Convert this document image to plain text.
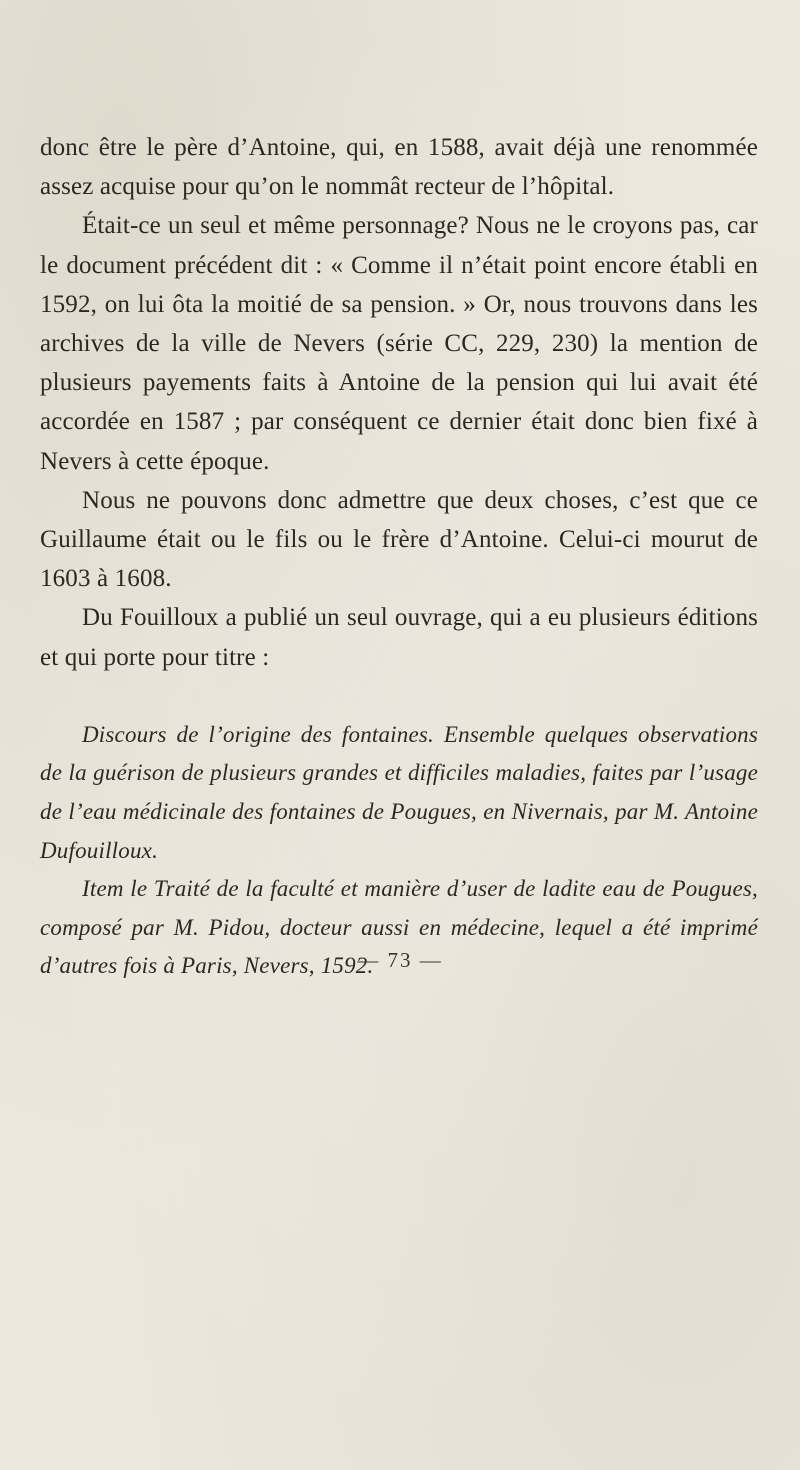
donc être le père d’Antoine, qui, en 1588, avait déjà une renommée assez acquise pour qu’on le nommât recteur de l’hôpital.

Était-ce un seul et même personnage? Nous ne le croyons pas, car le document précédent dit : « Comme il n’était point encore établi en 1592, on lui ôta la moitié de sa pension. » Or, nous trouvons dans les archives de la ville de Nevers (série CC, 229, 230) la mention de plusieurs payements faits à Antoine de la pension qui lui avait été accordée en 1587 ; par conséquent ce dernier était donc bien fixé à Nevers à cette époque.

Nous ne pouvons donc admettre que deux choses, c’est que ce Guillaume était ou le fils ou le frère d’Antoine. Celui-ci mourut de 1603 à 1608.

Du Fouilloux a publié un seul ouvrage, qui a eu plusieurs éditions et qui porte pour titre :

Discours de l’origine des fontaines. Ensemble quelques observations de la guérison de plusieurs grandes et difficiles maladies, faites par l’usage de l’eau médicinale des fontaines de Pougues, en Nivernais, par M. Antoine Dufouilloux.

Item le Traité de la faculté et manière d’user de ladite eau de Pougues, composé par M. Pidou, docteur aussi en médecine, lequel a été imprimé d’autres fois à Paris, Nevers, 1592.

— 73 —
